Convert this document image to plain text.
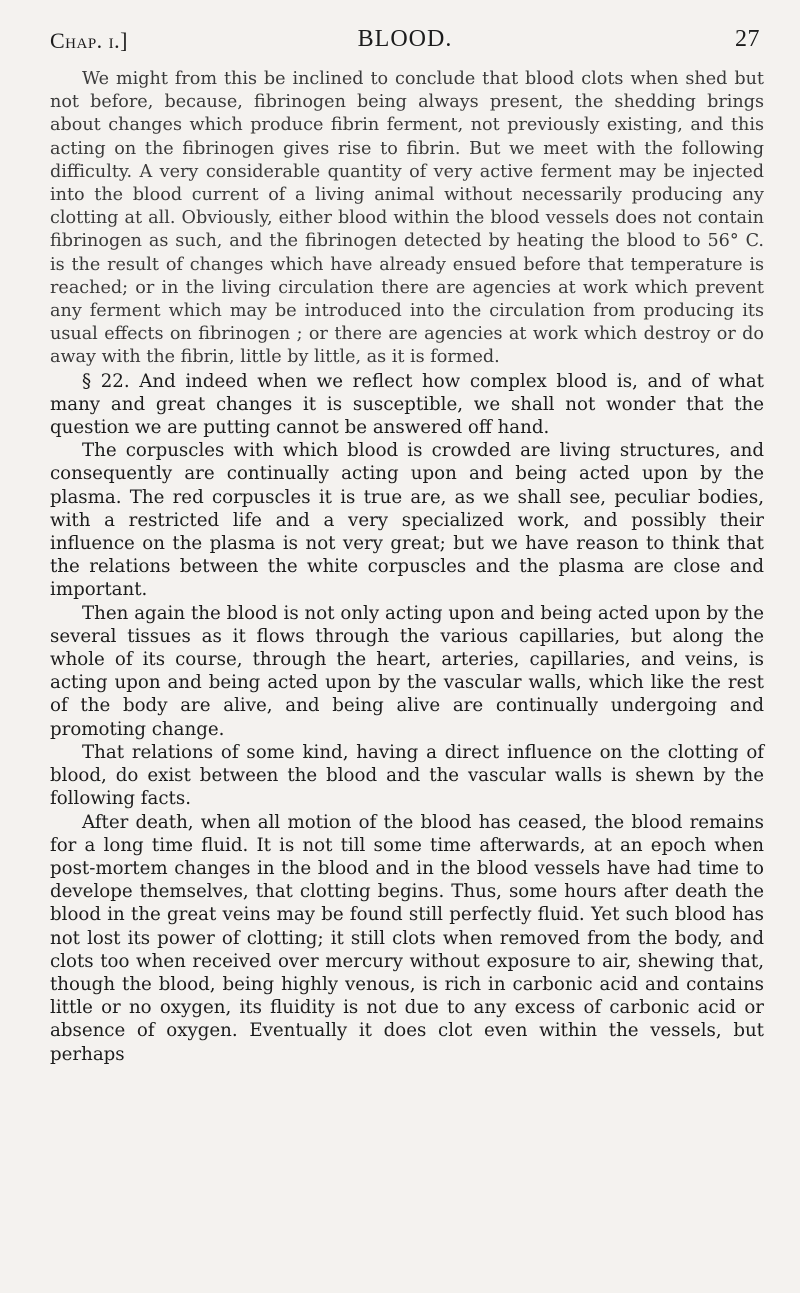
Chap. i.]	BLOOD.	27

We might from this be inclined to conclude that blood clots when shed but not before, because, fibrinogen being always present, the shedding brings about changes which produce fibrin ferment, not previously existing, and this acting on the fibrinogen gives rise to fibrin. But we meet with the following difficulty. A very considerable quantity of very active ferment may be injected into the blood current of a living animal without necessarily producing any clotting at all. Obviously, either blood within the blood vessels does not contain fibrinogen as such, and the fibrinogen detected by heating the blood to 56° C. is the result of changes which have already ensued before that temperature is reached; or in the living circulation there are agencies at work which prevent any ferment which may be introduced into the circulation from producing its usual effects on fibrinogen ; or there are agencies at work which destroy or do away with the fibrin, little by little, as it is formed.

§ 22. And indeed when we reflect how complex blood is, and of what many and great changes it is susceptible, we shall not wonder that the question we are putting cannot be answered off hand.

The corpuscles with which blood is crowded are living structures, and consequently are continually acting upon and being acted upon by the plasma. The red corpuscles it is true are, as we shall see, peculiar bodies, with a restricted life and a very specialized work, and possibly their influence on the plasma is not very great; but we have reason to think that the relations between the white corpuscles and the plasma are close and important.

Then again the blood is not only acting upon and being acted upon by the several tissues as it flows through the various capillaries, but along the whole of its course, through the heart, arteries, capillaries, and veins, is acting upon and being acted upon by the vascular walls, which like the rest of the body are alive, and being alive are continually undergoing and promoting change.

That relations of some kind, having a direct influence on the clotting of blood, do exist between the blood and the vascular walls is shewn by the following facts.

After death, when all motion of the blood has ceased, the blood remains for a long time fluid. It is not till some time afterwards, at an epoch when post-mortem changes in the blood and in the blood vessels have had time to develope themselves, that clotting begins. Thus, some hours after death the blood in the great veins may be found still perfectly fluid. Yet such blood has not lost its power of clotting; it still clots when removed from the body, and clots too when received over mercury without exposure to air, shewing that, though the blood, being highly venous, is rich in carbonic acid and contains little or no oxygen, its fluidity is not due to any excess of carbonic acid or absence of oxygen. Eventually it does clot even within the vessels, but perhaps
